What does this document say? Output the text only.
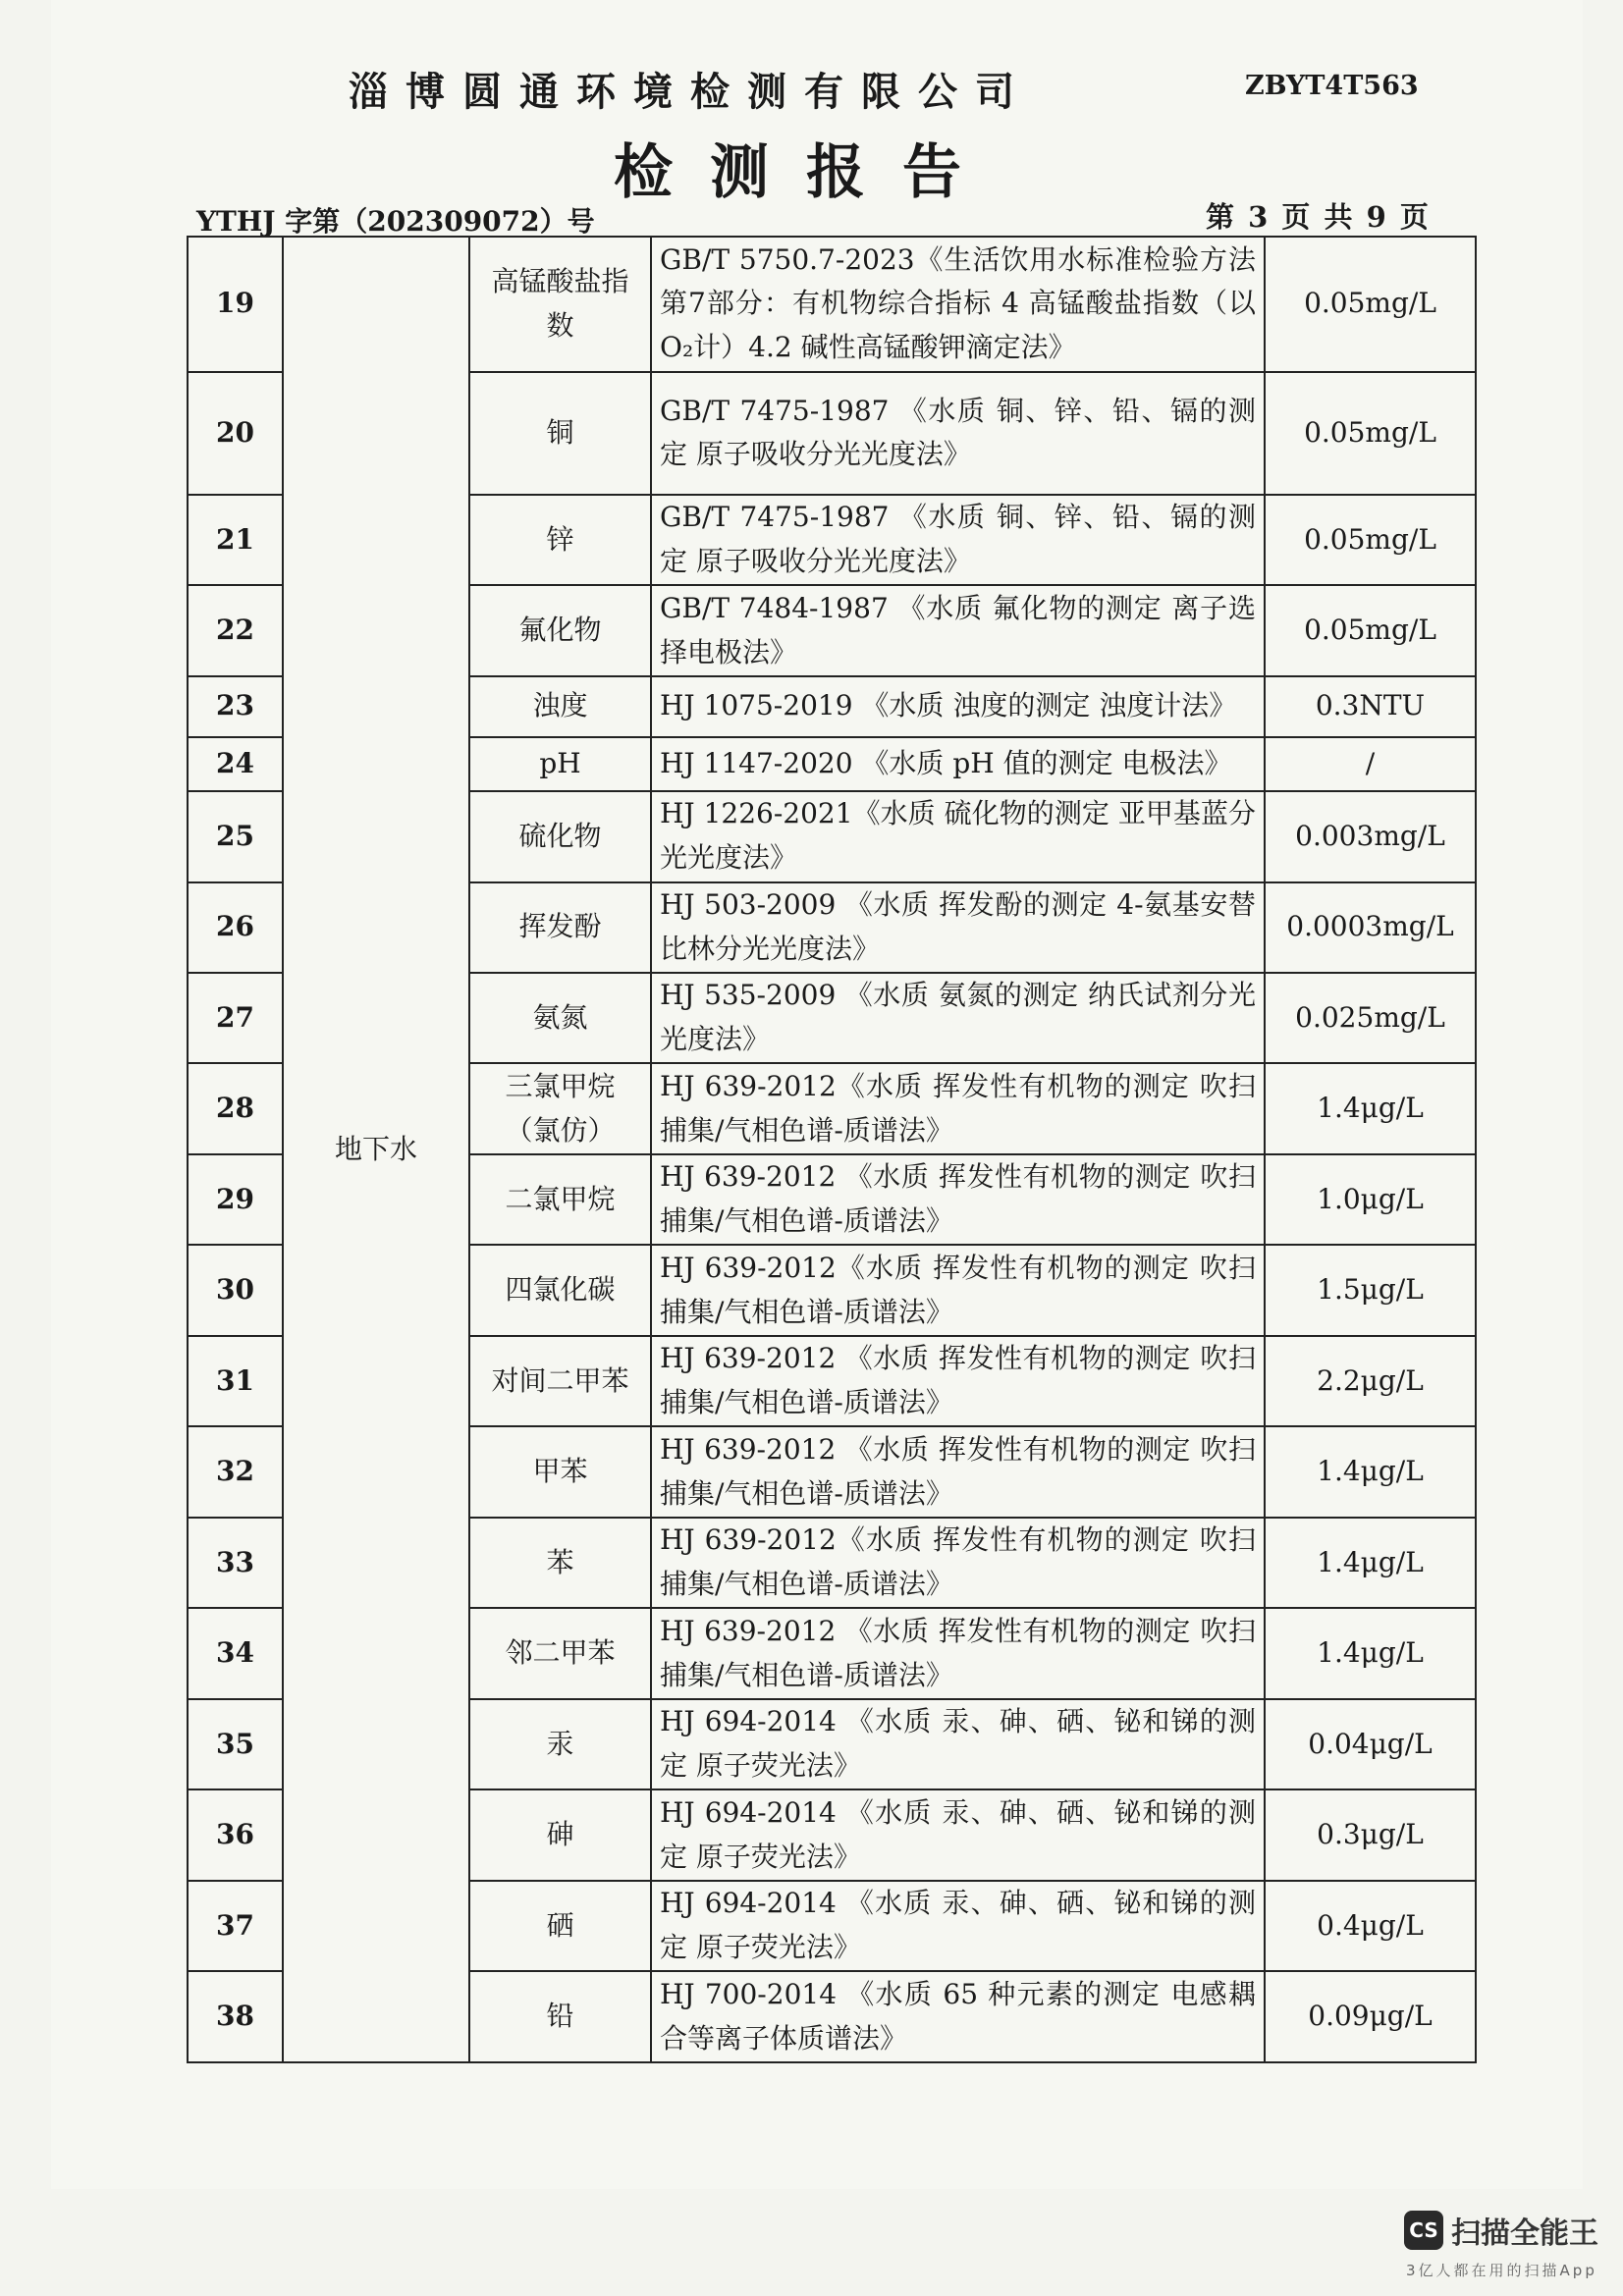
淄博圆通环境检测有限公司	ZBYT4T563
检测报告
YTHJ 字第（202309072）号	第 3 页 共 9 页
19	地下水	高锰酸盐指数	GB/T 5750.7-2023《生活饮用水标准检验方法 第7部分：有机物综合指标 4 高锰酸盐指数（以O₂计）4.2 碱性高锰酸钾滴定法》	0.05mg/L
20		铜	GB/T 7475-1987 《水质 铜、锌、铅、镉的测定 原子吸收分光光度法》	0.05mg/L
21		锌	GB/T 7475-1987 《水质 铜、锌、铅、镉的测定 原子吸收分光光度法》	0.05mg/L
22		氟化物	GB/T 7484-1987 《水质 氟化物的测定 离子选择电极法》	0.05mg/L
23		浊度	HJ 1075-2019 《水质 浊度的测定 浊度计法》	0.3NTU
24		pH	HJ 1147-2020 《水质 pH 值的测定 电极法》	/
25		硫化物	HJ 1226-2021《水质 硫化物的测定 亚甲基蓝分光光度法》	0.003mg/L
26		挥发酚	HJ 503-2009 《水质 挥发酚的测定 4-氨基安替比林分光光度法》	0.0003mg/L
27		氨氮	HJ 535-2009 《水质 氨氮的测定 纳氏试剂分光光度法》	0.025mg/L
28		三氯甲烷（氯仿）	HJ 639-2012《水质 挥发性有机物的测定 吹扫捕集/气相色谱-质谱法》	1.4μg/L
29		二氯甲烷	HJ 639-2012 《水质 挥发性有机物的测定 吹扫捕集/气相色谱-质谱法》	1.0μg/L
30		四氯化碳	HJ 639-2012《水质 挥发性有机物的测定 吹扫捕集/气相色谱-质谱法》	1.5μg/L
31		对间二甲苯	HJ 639-2012 《水质 挥发性有机物的测定 吹扫捕集/气相色谱-质谱法》	2.2μg/L
32		甲苯	HJ 639-2012 《水质 挥发性有机物的测定 吹扫捕集/气相色谱-质谱法》	1.4μg/L
33		苯	HJ 639-2012《水质 挥发性有机物的测定 吹扫捕集/气相色谱-质谱法》	1.4μg/L
34		邻二甲苯	HJ 639-2012 《水质 挥发性有机物的测定 吹扫捕集/气相色谱-质谱法》	1.4μg/L
35		汞	HJ 694-2014 《水质 汞、砷、硒、铋和锑的测定 原子荧光法》	0.04μg/L
36		砷	HJ 694-2014 《水质 汞、砷、硒、铋和锑的测定 原子荧光法》	0.3μg/L
37		硒	HJ 694-2014 《水质 汞、砷、硒、铋和锑的测定 原子荧光法》	0.4μg/L
38		铅	HJ 700-2014 《水质 65 种元素的测定 电感耦合等离子体质谱法》	0.09μg/L
CS 扫描全能王
3亿人都在用的扫描App
